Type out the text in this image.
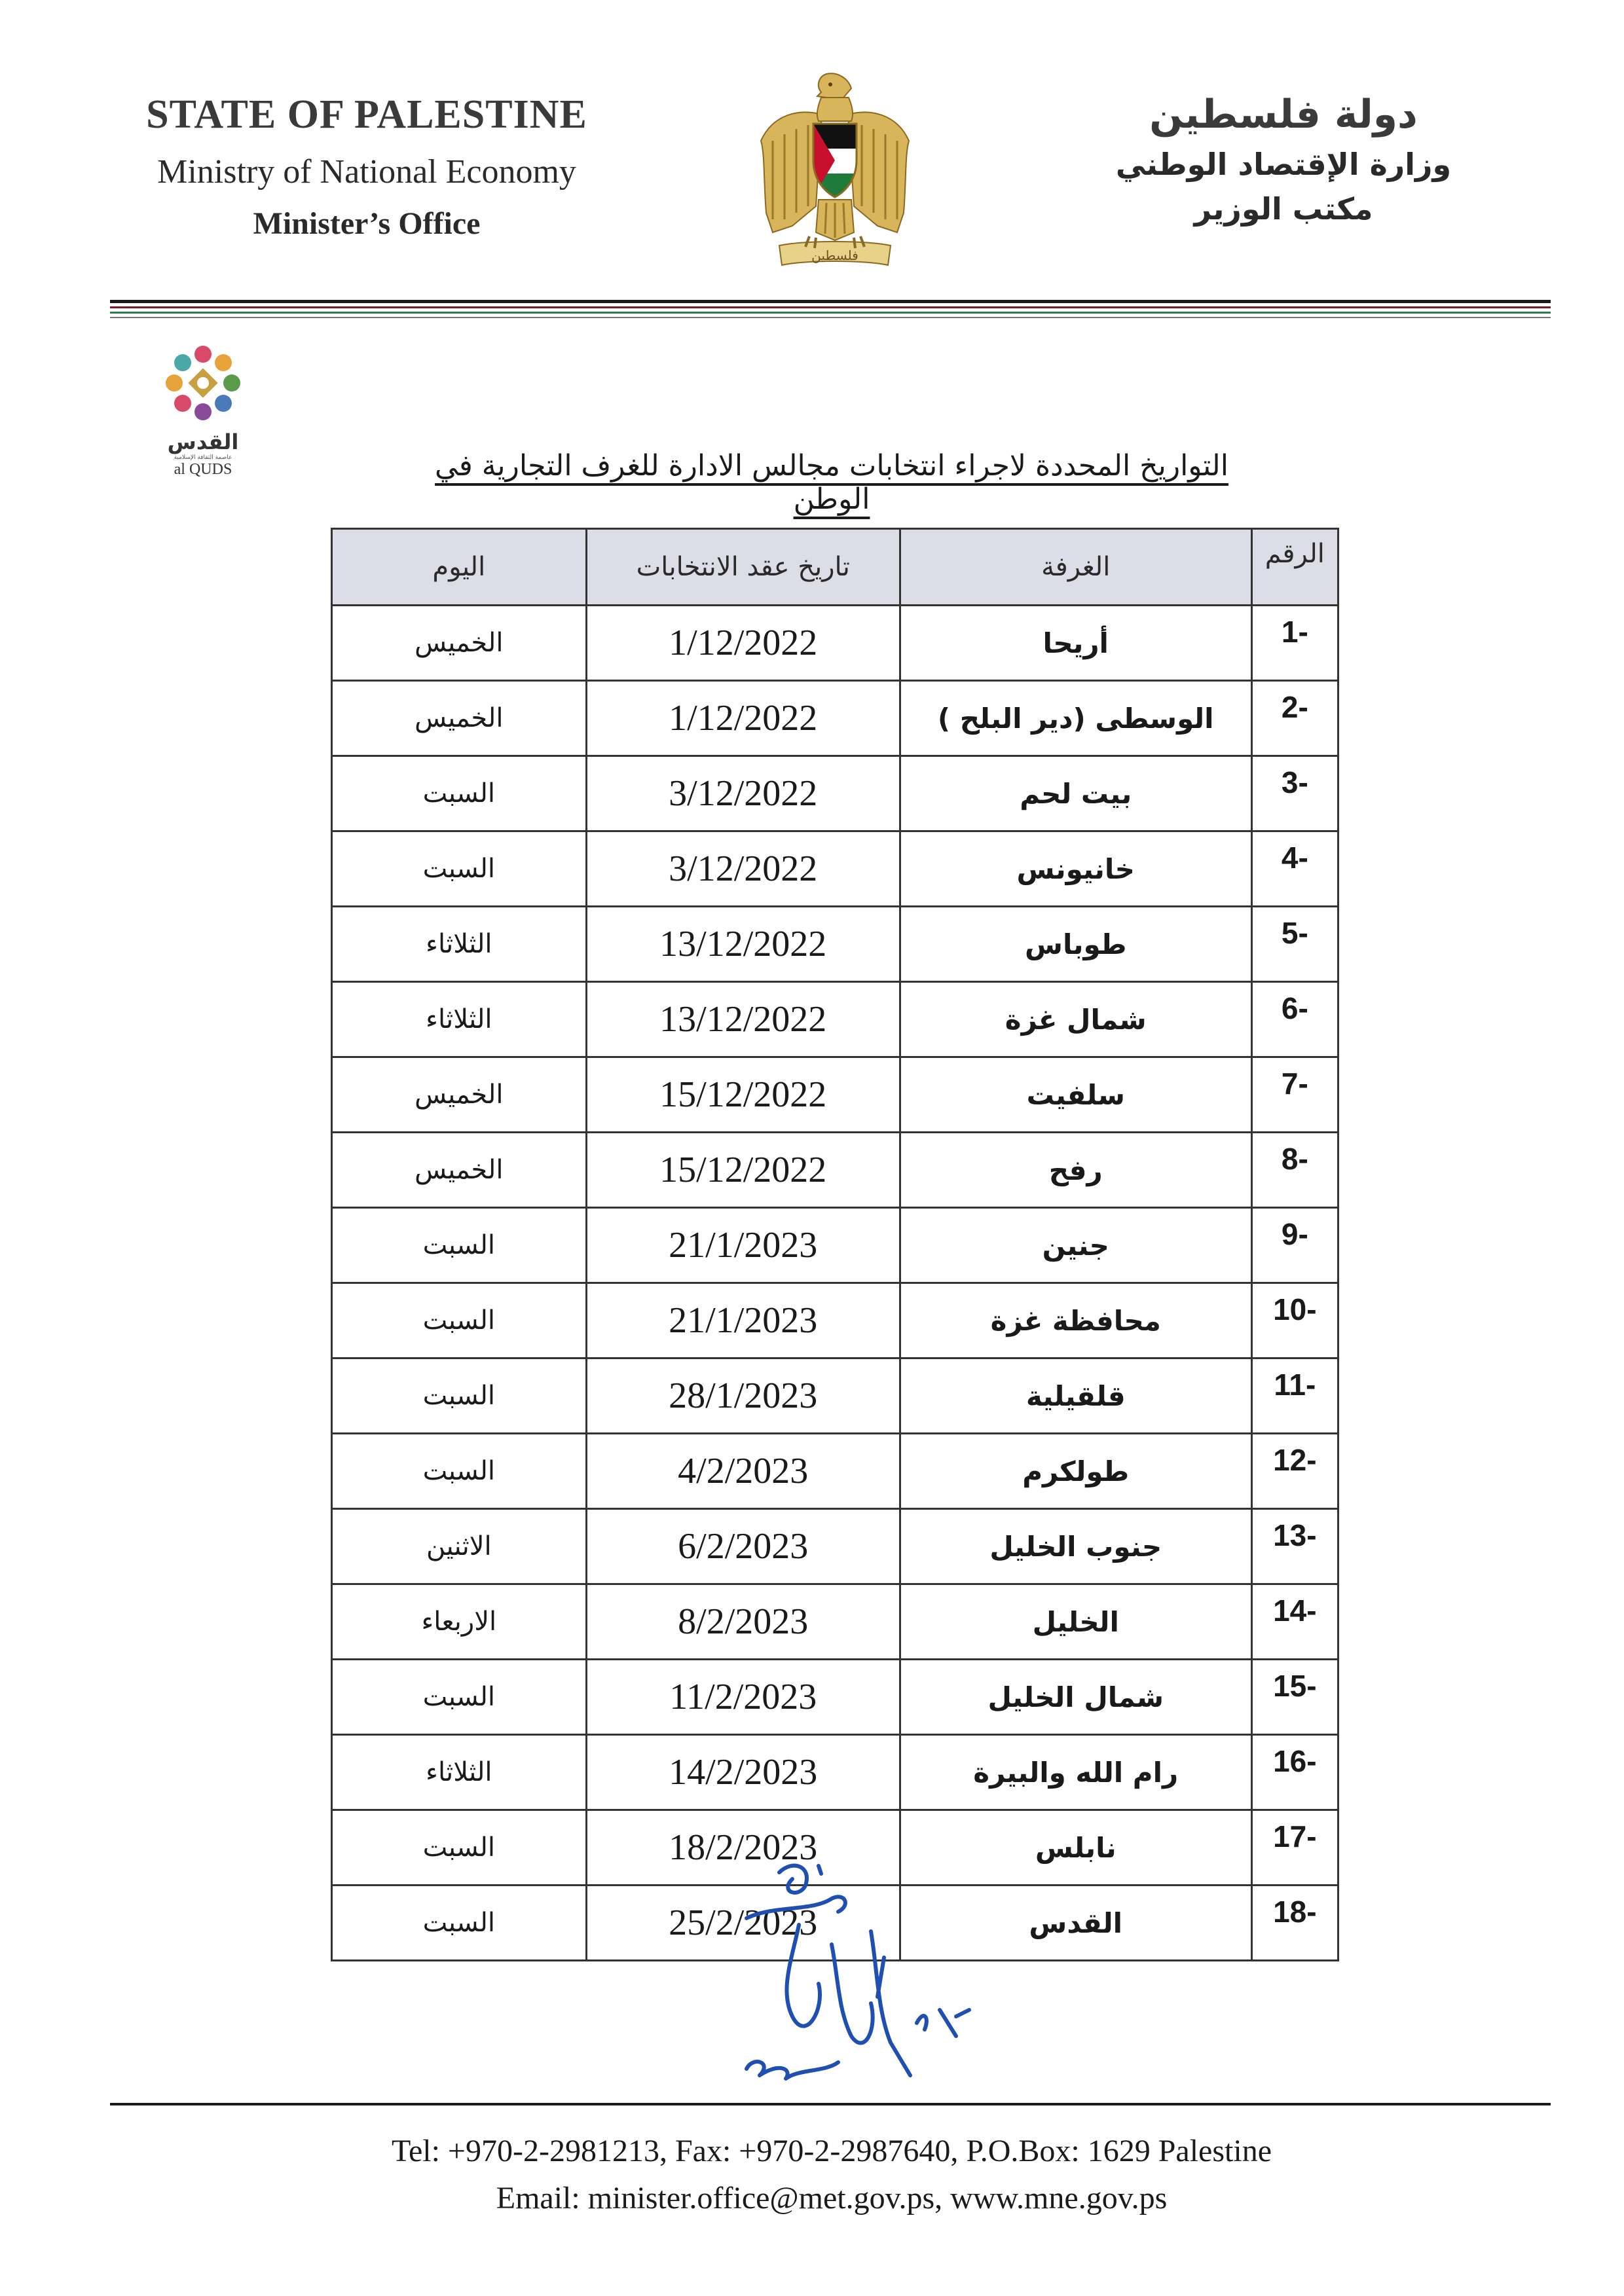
STATE OF PALESTINE
Ministry of National Economy
Minister’s Office
فلسطين
دولة فلسطين
وزارة الإقتصاد الوطني
مكتب الوزير
القدس
عاصمة الثقافة الإسلامية
al QUDS	التواريخ المحددة لاجراء انتخابات مجالس الادارة للغرف التجارية في الوطن
الرقم	الغرفة	تاريخ عقد الانتخابات	اليوم
-1	أريحا	1/12/2022	الخميس
-2	الوسطى (دير البلح )	1/12/2022	الخميس
-3	بيت لحم	3/12/2022	السبت
-4	خانيونس	3/12/2022	السبت
-5	طوباس	13/12/2022	الثلاثاء
-6	شمال غزة	13/12/2022	الثلاثاء
-7	سلفيت	15/12/2022	الخميس
-8	رفح	15/12/2022	الخميس
-9	جنين	21/1/2023	السبت
-10	محافظة غزة	21/1/2023	السبت
-11	قلقيلية	28/1/2023	السبت
-12	طولكرم	4/2/2023	السبت
-13	جنوب الخليل	6/2/2023	الاثنين
-14	الخليل	8/2/2023	الاربعاء
-15	شمال الخليل	11/2/2023	السبت
-16	رام الله والبيرة	14/2/2023	الثلاثاء
-17	نابلس	18/2/2023	السبت
-18	القدس	25/2/2023	السبت
Tel: +970-2-2981213, Fax: +970-2-2987640, P.O.Box: 1629 Palestine
Email: minister.office@met.gov.ps, www.mne.gov.ps
